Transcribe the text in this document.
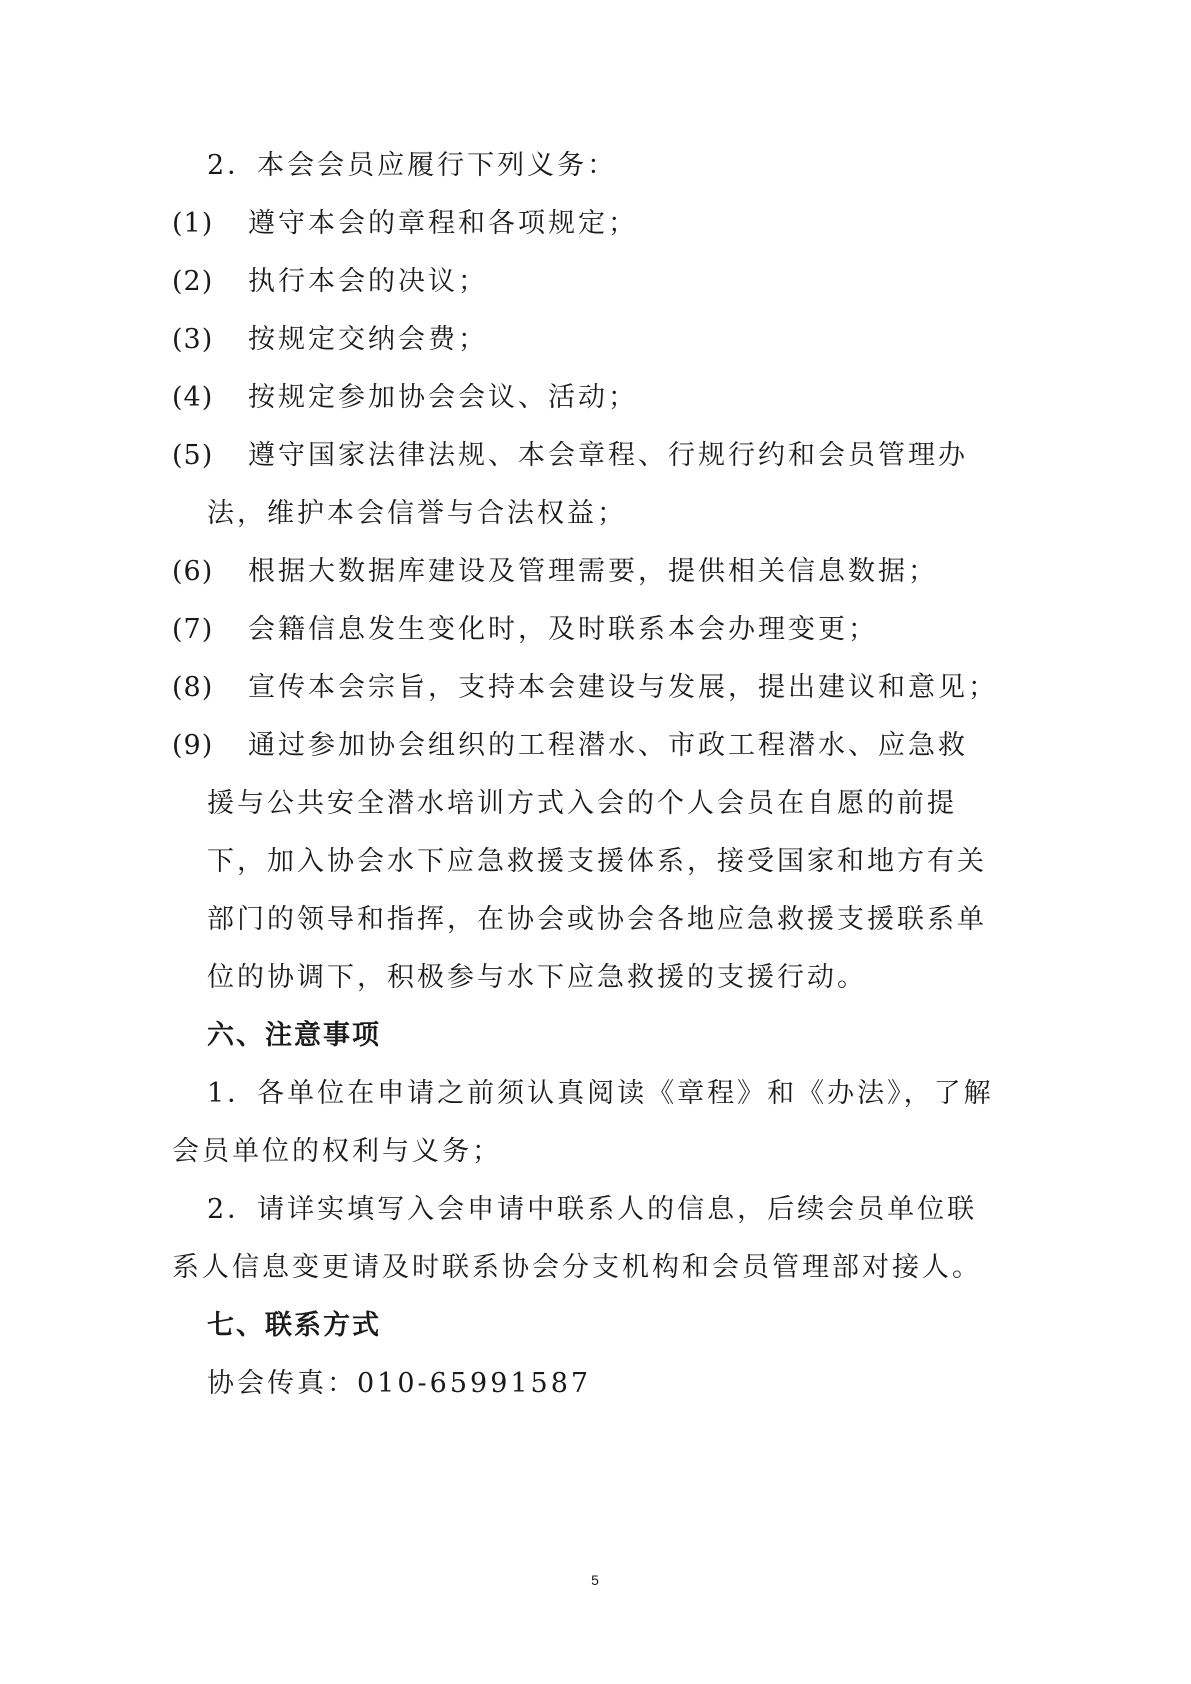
2．本会会员应履行下列义务：
(1) 遵守本会的章程和各项规定；
(2) 执行本会的决议；
(3) 按规定交纳会费；
(4) 按规定参加协会会议、活动；
(5) 遵守国家法律法规、本会章程、行规行约和会员管理办
法，维护本会信誉与合法权益；
(6) 根据大数据库建设及管理需要，提供相关信息数据；
(7) 会籍信息发生变化时，及时联系本会办理变更；
(8) 宣传本会宗旨，支持本会建设与发展，提出建议和意见；
(9) 通过参加协会组织的工程潜水、市政工程潜水、应急救
援与公共安全潜水培训方式入会的个人会员在自愿的前提
下，加入协会水下应急救援支援体系，接受国家和地方有关
部门的领导和指挥，在协会或协会各地应急救援支援联系单
位的协调下，积极参与水下应急救援的支援行动。
六、注意事项
1．各单位在申请之前须认真阅读《章程》和《办法》，了解
会员单位的权利与义务；
2．请详实填写入会申请中联系人的信息，后续会员单位联
系人信息变更请及时联系协会分支机构和会员管理部对接人。
七、联系方式
协会传真：010-65991587
5
